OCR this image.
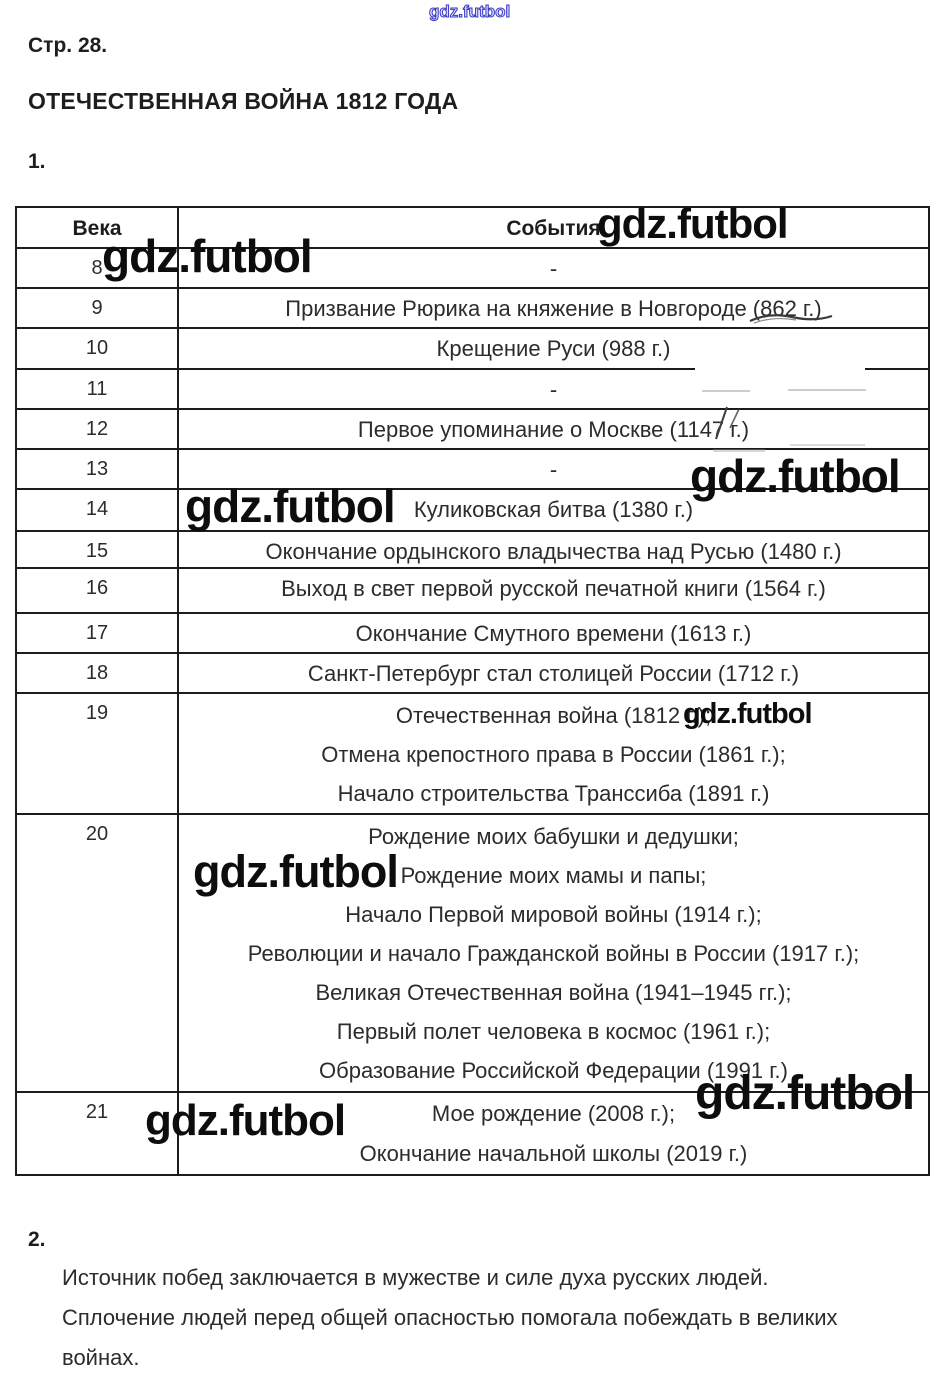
gdz.futbol
gdz.futbol
gdz.futbol
gdz.futbol
gdz.futbol
gdz.futbol
gdz.futbol
gdz.futbol
gdz.futbol
Стр. 28.
ОТЕЧЕСТВЕННАЯ ВОЙНА 1812 ГОДА
1.
Века	События
8	-

9	Призвание Рюрика на княжение в Новгороде (862 г.)

10	Крещение Руси (988 г.)

11	-

12	Первое упоминание о Москве (1147 г.)

13	-

14	Куликовская битва (1380 г.)

15	Окончание ордынского владычества над Русью (1480 г.)

16	Выход в свет первой русской печатной книги (1564 г.)

17	Окончание Смутного времени (1613 г.)

18	Санкт-Петербург стал столицей России (1712 г.)

19	Отечественная война (1812 г.);
Отмена крепостного права в России (1861 г.);
Начало строительства Транссиба (1891 г.)

20	Рождение моих бабушки и дедушки;
Рождение моих мамы и папы;
Начало Первой мировой войны (1914 г.);
Революции и начало Гражданской войны в России (1917 г.);
Великая Отечественная война (1941–1945 гг.);
Первый полет человека в космос (1961 г.);
Образование Российской Федерации (1991 г.)

21	Мое рождение (2008 г.);
Окончание начальной школы (2019 г.)
2.
Источник побед заключается в мужестве и силе духа русских людей.
Сплочение людей перед общей опасностью помогала побеждать в великих
войнах.
